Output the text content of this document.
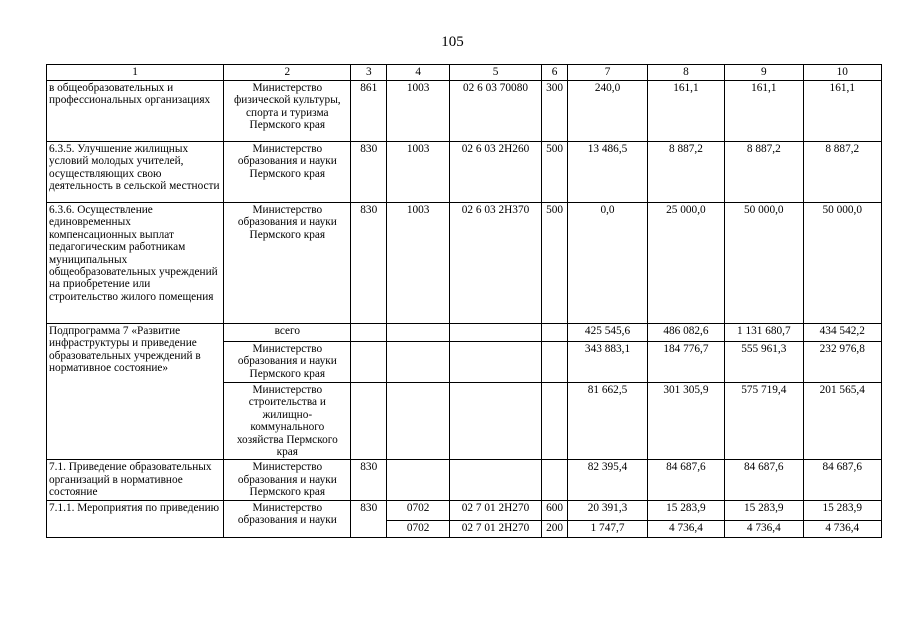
105
1	2	3	4	5	6	7	8	9	10
в общеобразовательных и профессиональных организациях	Министерство физической культуры, спорта и туризма Пермского края	861	1003	02 6 03 70080	300	240,0	161,1	161,1	161,1
6.3.5. Улучшение жилищных условий молодых учителей, осуществляющих свою деятельность в сельской местности	Министерство образования и науки Пермского края	830	1003	02 6 03 2Н260	500	13 486,5	8 887,2	8 887,2	8 887,2
6.3.6. Осуществление единовременных компенсационных выплат педагогическим работникам муниципальных общеобразовательных учреждений на приобретение или строительство жилого помещения	Министерство образования и науки Пермского края	830	1003	02 6 03 2Н370	500	0,0	25 000,0	50 000,0	50 000,0
Подпрограмма 7 «Развитие инфраструктуры и приведение образовательных учреждений в нормативное состояние»	всего					425 545,6	486 082,6	1 131 680,7	434 542,2
	Министерство образования и науки Пермского края					343 883,1	184 776,7	555 961,3	232 976,8
	Министерство строительства и жилищно-коммунального хозяйства Пермского края					81 662,5	301 305,9	575 719,4	201 565,4
7.1. Приведение образовательных организаций в нормативное состояние	Министерство образования и науки Пермского края	830				82 395,4	84 687,6	84 687,6	84 687,6
7.1.1. Мероприятия по приведению	Министерство образования и науки	830	0702	02 7 01 2Н270	600	20 391,3	15 283,9	15 283,9	15 283,9
			0702	02 7 01 2Н270	200	1 747,7	4 736,4	4 736,4	4 736,4
